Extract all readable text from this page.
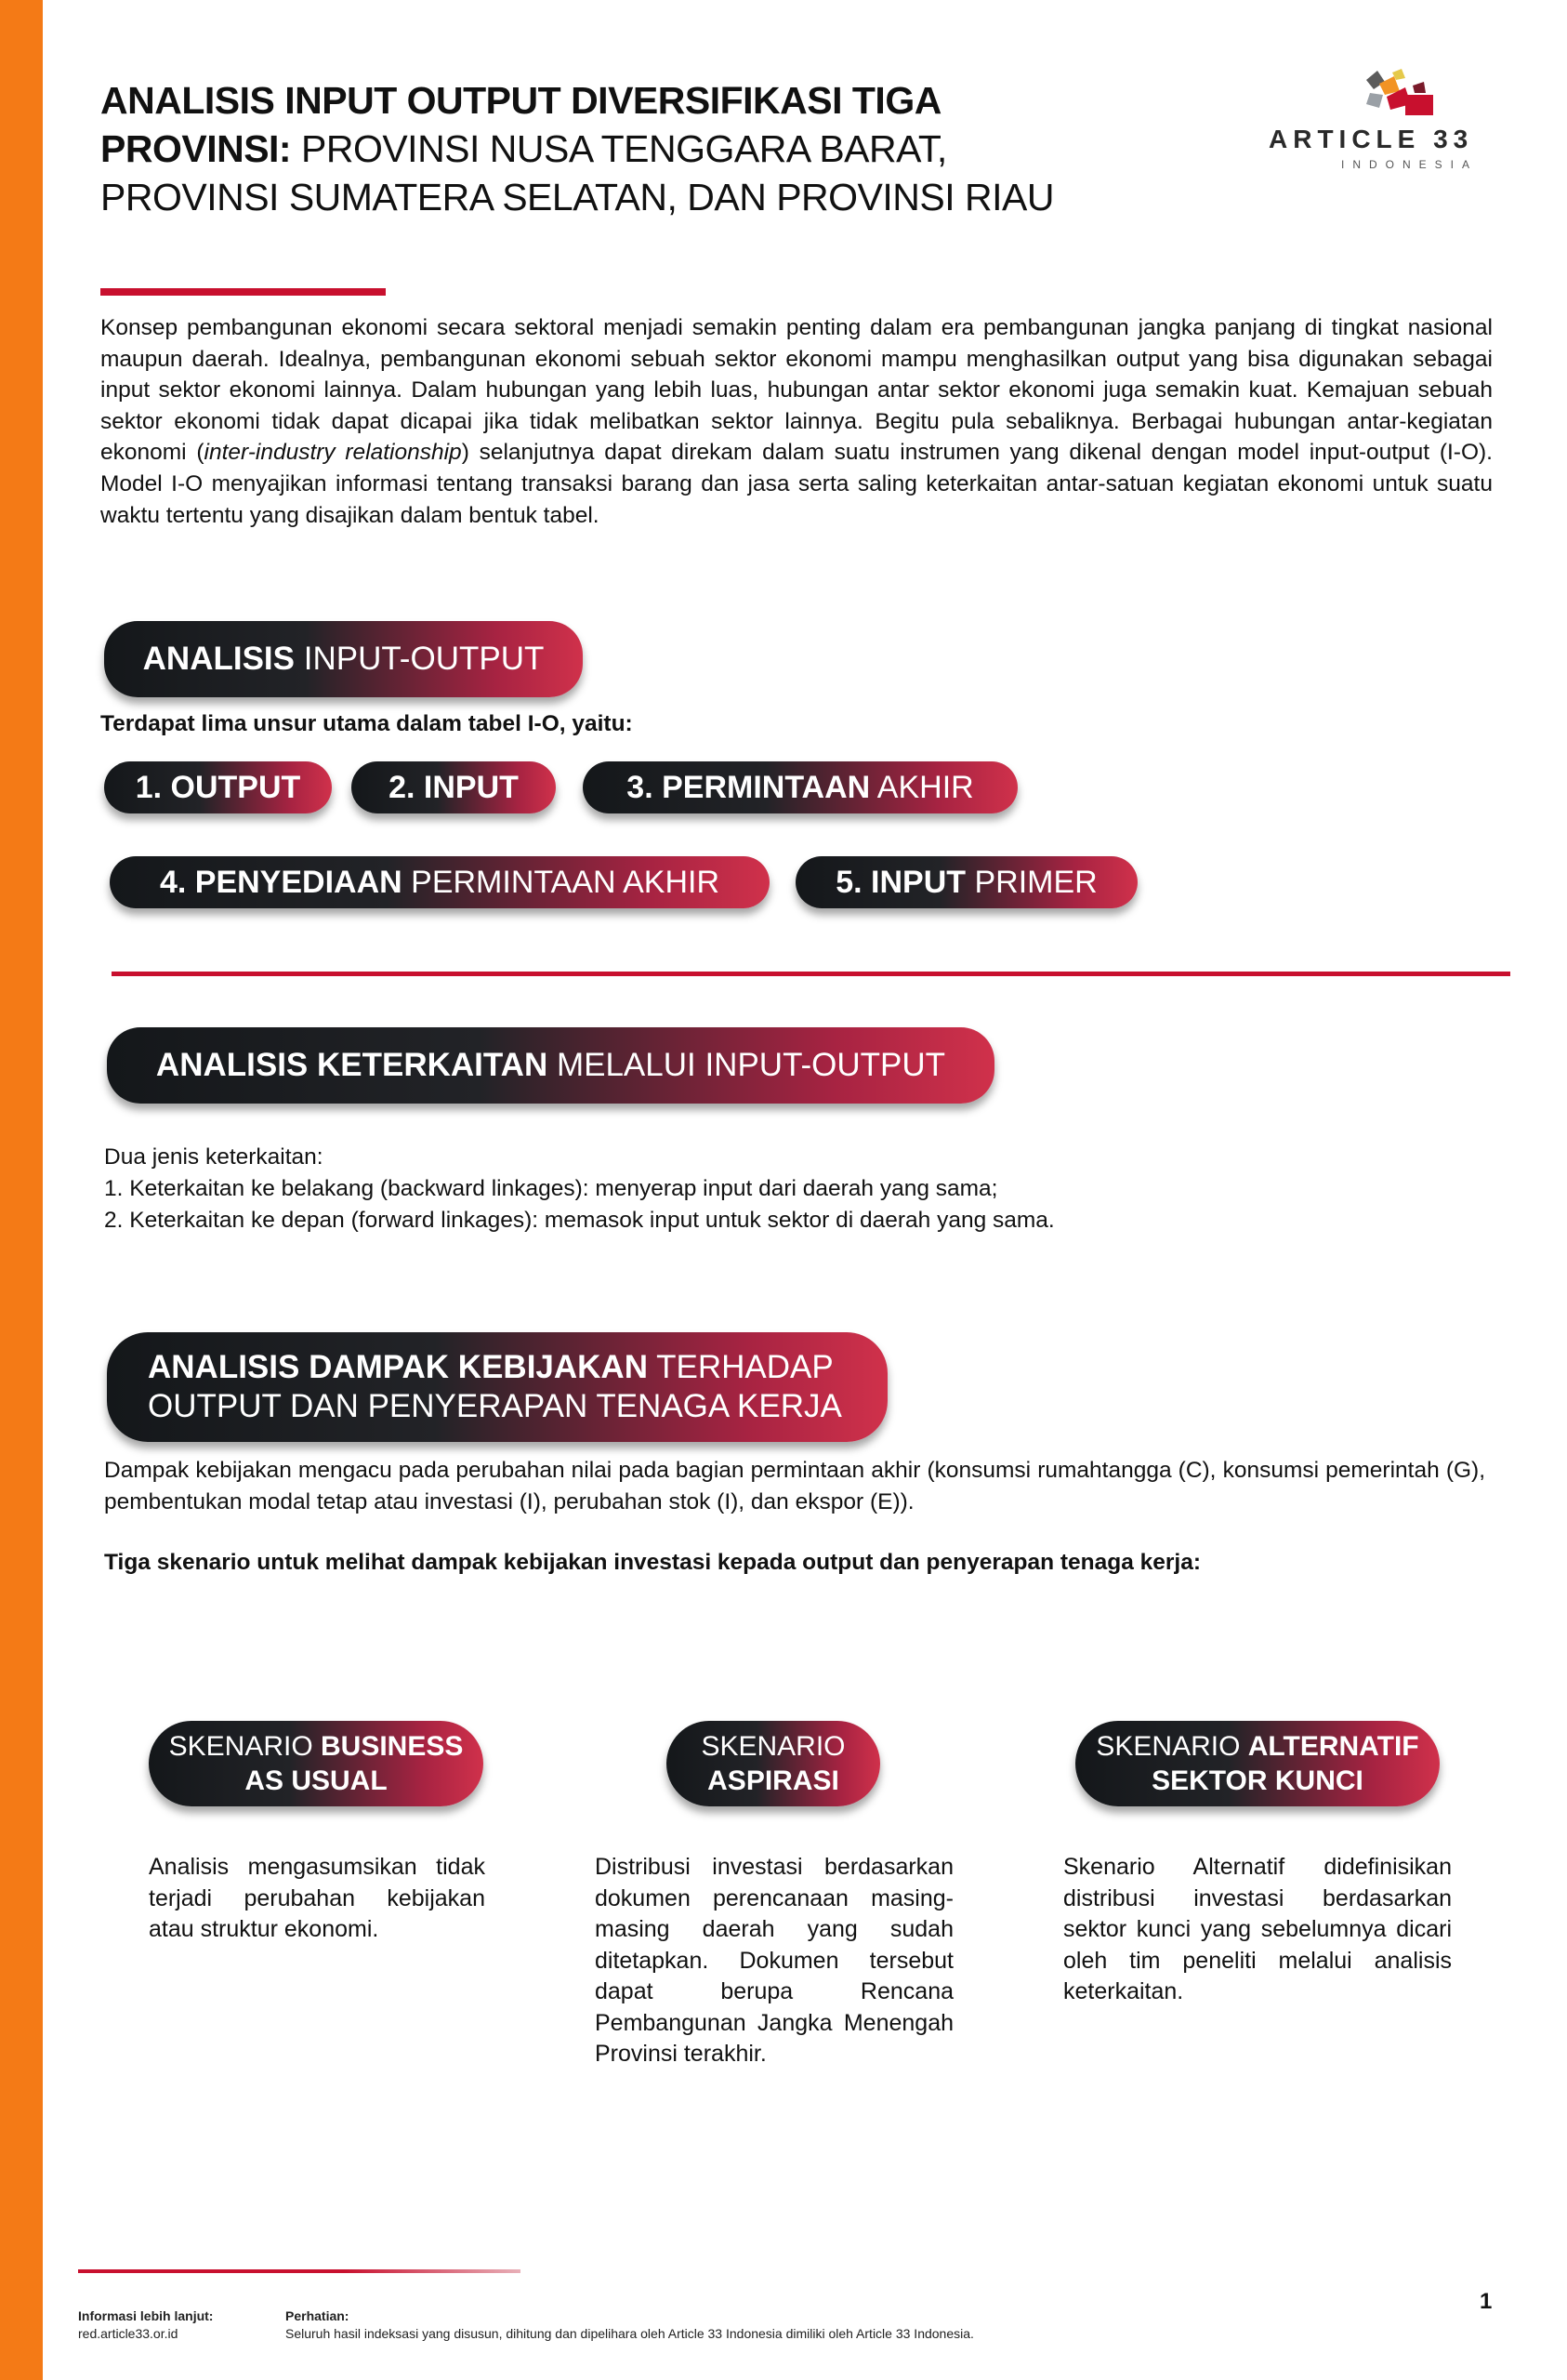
ANALISIS INPUT OUTPUT DIVERSIFIKASI TIGA PROVINSI: PROVINSI NUSA TENGGARA BARAT, PROVINSI SUMATERA SELATAN, DAN PROVINSI RIAU
ARTICLE 33
INDONESIA

Konsep pembangunan ekonomi secara sektoral menjadi semakin penting dalam era pembangunan jangka panjang di tingkat nasional maupun daerah. Idealnya, pembangunan ekonomi sebuah sektor ekonomi mampu menghasilkan output yang bisa digunakan sebagai input sektor ekonomi lainnya. Dalam hubungan yang lebih luas, hubungan antar sektor ekonomi juga semakin kuat. Kemajuan sebuah sektor ekonomi tidak dapat dicapai jika tidak melibatkan sektor lainnya. Begitu pula sebaliknya. Berbagai hubungan antar-kegiatan ekonomi (inter-industry relationship) selanjutnya dapat direkam dalam suatu instrumen yang dikenal dengan model input-output (I-O). Model I-O menyajikan informasi tentang transaksi barang dan jasa serta saling keterkaitan antar-satuan kegiatan ekonomi untuk suatu waktu tertentu yang disajikan dalam bentuk tabel.

ANALISIS INPUT-OUTPUT

Terdapat lima unsur utama dalam tabel I-O, yaitu:

1. OUTPUT	2. INPUT	3. PERMINTAAN AKHIR
4. PENYEDIAAN PERMINTAAN AKHIR	5. INPUT PRIMER
ANALISIS KETERKAITAN MELALUI INPUT-OUTPUT

Dua jenis keterkaitan:

1. Keterkaitan ke belakang (backward linkages): menyerap input dari daerah yang sama;

2. Keterkaitan ke depan (forward linkages): memasok input untuk sektor di daerah yang sama.

ANALISIS DAMPAK KEBIJAKAN TERHADAP
OUTPUT DAN PENYERAPAN TENAGA KERJA

Dampak kebijakan mengacu pada perubahan nilai pada bagian permintaan akhir (konsumsi rumahtangga (C), konsumsi pemerintah (G), pembentukan modal tetap atau investasi (I), perubahan stok (I), dan ekspor (E)).

Tiga skenario untuk melihat dampak kebijakan investasi kepada output dan penyerapan tenaga kerja:

SKENARIO BUSINESS
AS USUAL
SKENARIO
ASPIRASI
SKENARIO ALTERNATIF
SEKTOR KUNCI

Analisis mengasumsikan tidak terjadi perubahan kebijakan atau struktur ekonomi.

Distribusi investasi berdasarkan dokumen perencanaan masing-masing daerah yang sudah ditetapkan. Dokumen tersebut dapat berupa Rencana Pembangunan Jangka Menengah Provinsi terakhir.

Skenario Alternatif didefinisikan distribusi investasi berdasarkan sektor kunci yang sebelumnya dicari oleh tim peneliti melalui analisis keterkaitan.

Informasi lebih lanjut:
red.article33.or.id

Perhatian:
Seluruh hasil indeksasi yang disusun, dihitung dan dipelihara oleh Article 33 Indonesia dimiliki oleh Article 33 Indonesia.

1
